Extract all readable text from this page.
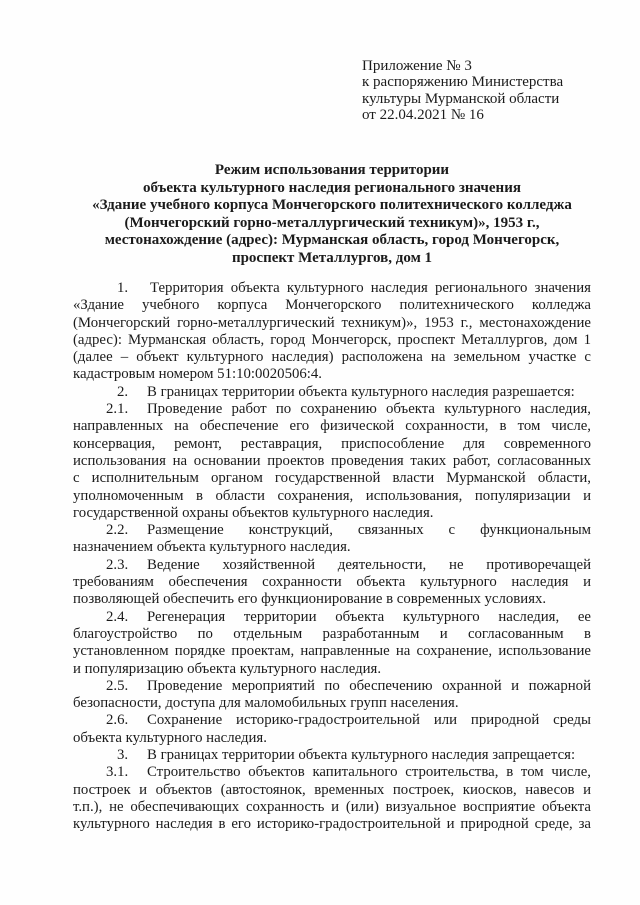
Приложение № 3
к распоряжению Министерства
культуры Мурманской области
от 22.04.2021 № 16
Режим использования территории
объекта культурного наследия регионального значения
«Здание учебного корпуса Мончегорского политехнического колледжа
(Мончегорский горно-металлургический техникум)», 1953 г.,
местонахождение (адрес): Мурманская область, город Мончегорск,
проспект Металлургов, дом 1
1. Территория объекта культурного наследия регионального значения
«Здание учебного корпуса Мончегорского политехнического колледжа
(Мончегорский горно-металлургический техникум)», 1953 г., местонахождение
(адрес): Мурманская область, город Мончегорск, проспект Металлургов, дом 1
(далее – объект культурного наследия) расположена на земельном участке с
кадастровым номером 51:10:0020506:4.
2. В границах территории объекта культурного наследия разрешается:
2.1. Проведение работ по сохранению объекта культурного наследия,
направленных на обеспечение его физической сохранности, в том числе,
консервация, ремонт, реставрация, приспособление для современного
использования на основании проектов проведения таких работ, согласованных
с исполнительным органом государственной власти Мурманской области,
уполномоченным в области сохранения, использования, популяризации и
государственной охраны объектов культурного наследия.
2.2. Размещение конструкций, связанных с функциональным
назначением объекта культурного наследия.
2.3. Ведение хозяйственной деятельности, не противоречащей
требованиям обеспечения сохранности объекта культурного наследия и
позволяющей обеспечить его функционирование в современных условиях.
2.4. Регенерация территории объекта культурного наследия, ее
благоустройство по отдельным разработанным и согласованным в
установленном порядке проектам, направленные на сохранение, использование
и популяризацию объекта культурного наследия.
2.5. Проведение мероприятий по обеспечению охранной и пожарной
безопасности, доступа для маломобильных групп населения.
2.6. Сохранение историко-градостроительной или природной среды
объекта культурного наследия.
3. В границах территории объекта культурного наследия запрещается:
3.1. Строительство объектов капитального строительства, в том числе,
построек и объектов (автостоянок, временных построек, киосков, навесов и
т.п.), не обеспечивающих сохранность и (или) визуальное восприятие объекта
культурного наследия в его историко-градостроительной и природной среде, за
